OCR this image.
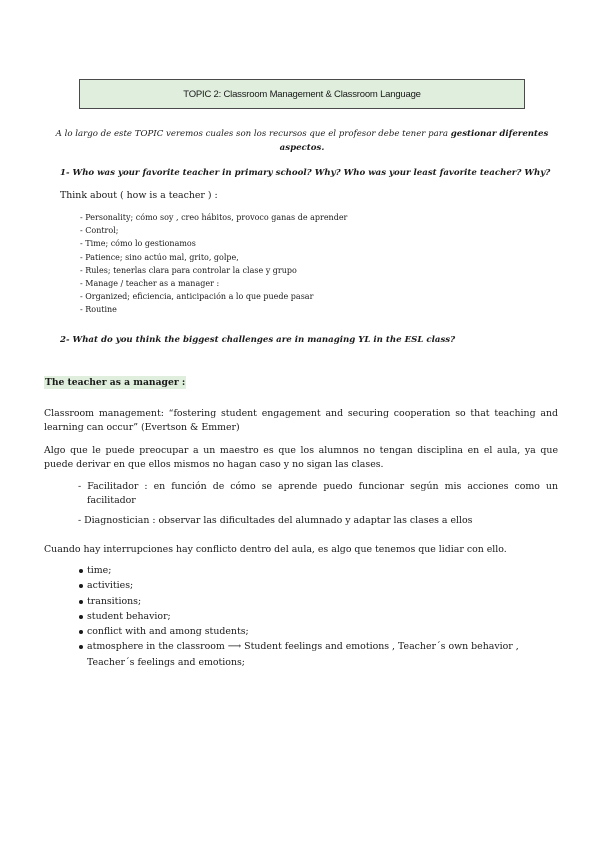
TOPIC 2: Classroom Management & Classroom Language
A lo largo de este TOPIC veremos cuales son los recursos que el profesor debe tener para gestionar diferentes aspectos.
1- Who was your favorite teacher in primary school? Why? Who was your least favorite teacher? Why?
Think about ( how is a teacher ) :
- Personality; cómo soy , creo hábitos, provoco ganas de aprender
- Control;
- Time; cómo lo gestionamos
- Patience; sino actúo mal, grito, golpe,
- Rules; tenerlas clara para controlar la clase y grupo
- Manage / teacher as a manager :
- Organized; eficiencia, anticipación a lo que puede pasar
- Routine
2- What do you think the biggest challenges are in managing YL in the ESL class?
The teacher as a manager :
Classroom management: “fostering student engagement and securing cooperation so that teaching and learning can occur” (Evertson & Emmer)
Algo que le puede preocupar a un maestro es que los alumnos no tengan disciplina en el aula, ya que puede derivar en que ellos mismos no hagan caso y no sigan las clases.
- Facilitador : en función de cómo se aprende puedo funcionar según mis acciones como un facilitador
- Diagnostician : observar las dificultades del alumnado y adaptar las clases a ellos
Cuando hay interrupciones hay conflicto dentro del aula, es algo que tenemos que lidiar con ello.
time;
activities;
transitions;
student behavior;
conflict with and among students;
atmosphere in the classroom ⟶ Student feelings and emotions , Teacher´s own behavior , Teacher´s feelings and emotions;
